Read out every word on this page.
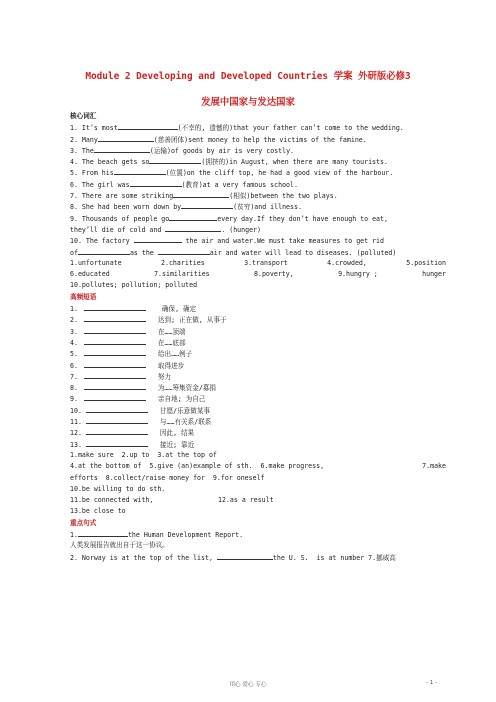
Module 2 Developing and Developed Countries 学案 外研版必修3
发展中国家与发达国家
核心词汇
1. It’s most	(不幸的, 遗憾的)that your father can’t come to the wedding.
2. Many	(慈善团体)sent money to help the victims of the famine.
3. The	(运输)of goods by air is very costly.
4. The beach gets so	(拥挤的)in August, when there are many tourists.
5. From his	(位置)on the cliff top, he had a good view of the harbour.
6. The girl was	(教育)at a very famous school.
7. There are some striking	(相似)between the two plays.
8. She had been worn down by	(贫穷)and illness.
9. Thousands of people go	every day.If they don’t have enough to eat,
they’ll die of cold and	. (hunger)
10. The factory	the air and water.We must take measures to get rid
of	as the	air and water will lead to diseases. (polluted)
1.unfortunate	2.charities	3.transport	4.crowded,	5.position
6.educated	7.similarities	8.poverty,	9.hungry ;	hunger
10.pollutes; pollution; polluted
高频短语
1.	确保, 确定
2.	达到; 正在做, 从事于
3.	在……顶端
4.	在……底部
5.	给出……例子
6.	取得进步
7.	努力
8.	为……筹集资金/募捐
9.	亲自地; 为自己
10.	甘愿/乐意做某事
11.	与……有关系/联系
12.	因此, 结果
13.	接近; 靠近
1.make sure  2.up to  3.at the top of
4.at the bottom of  5.give (an)example of sth.  6.make progress,	7.make
efforts  8.collect/raise money for  9.for oneself
10.be willing to do sth.
11.be connected with,	12.as a result
13.be close to
重点句式
1.	the Human Development Report.
人类发展报告就出自于这一协议。
2. Norway is at the top of the list,	the U. S.  is at number 7.挪威高
用心 爱心 专心	- 1 -
